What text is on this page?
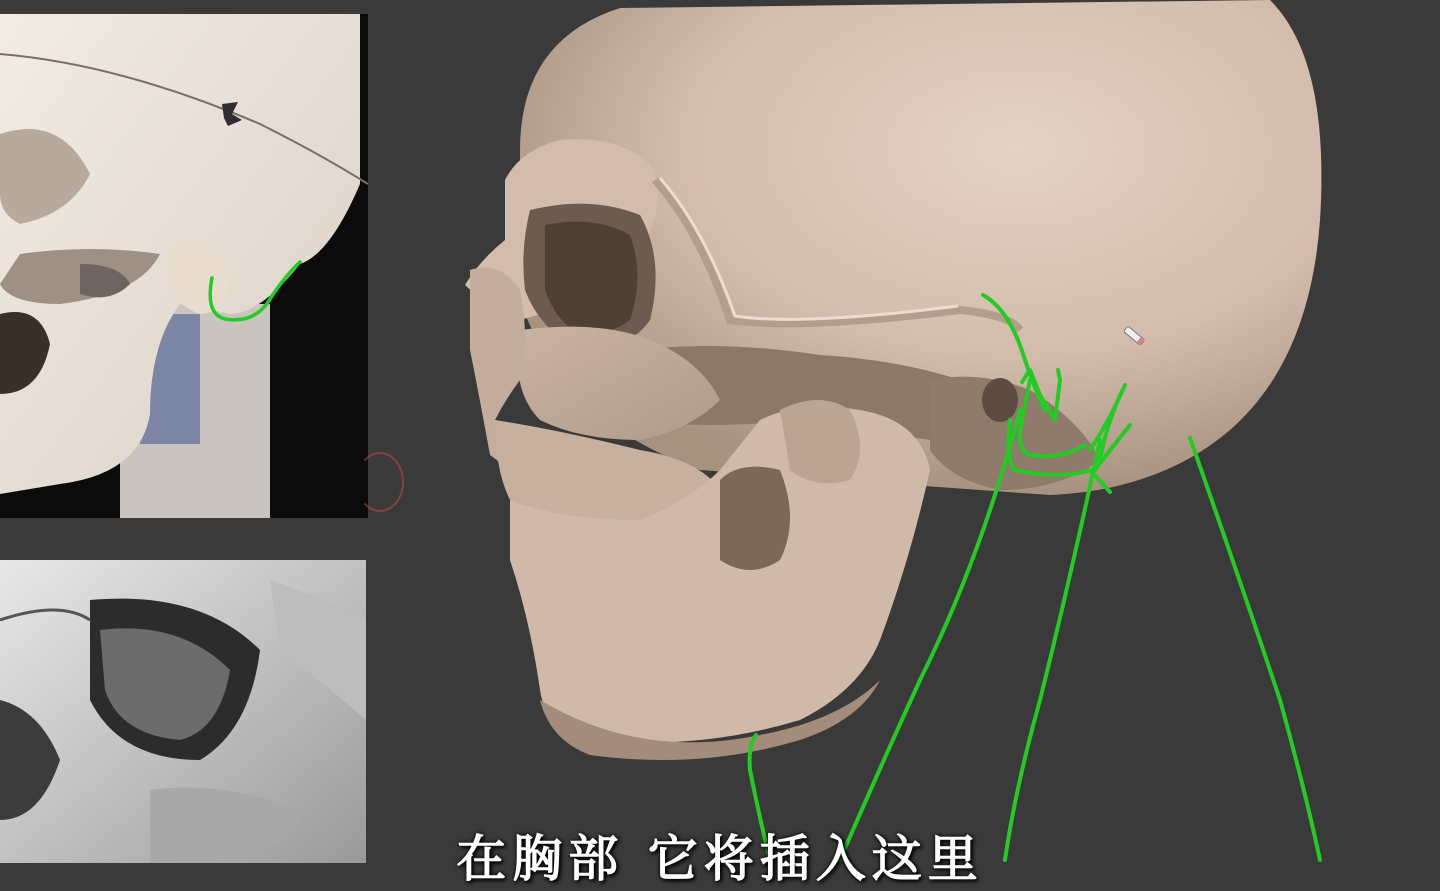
在胸部 它将插入这里
